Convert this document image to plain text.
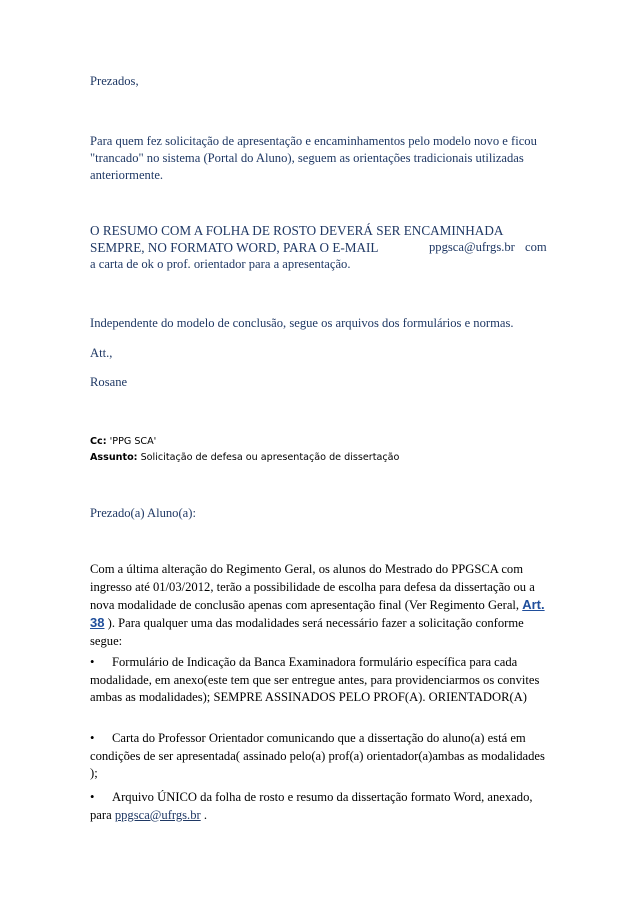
Prezados,

Para quem fez solicitação de apresentação e encaminhamentos pelo modelo novo e ficou "trancado" no sistema (Portal do Aluno), seguem as orientações tradicionais utilizadas anteriormente.

O RESUMO COM A FOLHA DE ROSTO DEVERÁ SER ENCAMINHADA
SEMPRE, NO FORMATO WORD, PARA O E-MAIL	ppgsca@ufrgs.br com
a carta de ok o prof. orientador para a apresentação.

Independente do modelo de conclusão, segue os arquivos dos formulários e normas.

Att.,

Rosane

Cc: 'PPG SCA'
Assunto: Solicitação de defesa ou apresentação de dissertação

Prezado(a) Aluno(a):

Com a última alteração do Regimento Geral, os alunos do Mestrado do PPGSCA com ingresso até 01/03/2012, terão a possibilidade de escolha para defesa da dissertação ou a nova modalidade de conclusão apenas com apresentação final (Ver Regimento Geral, Art. 38 ). Para qualquer uma das modalidades será necessário fazer a solicitação conforme segue:

• Formulário de Indicação da Banca Examinadora formulário específica para cada modalidade, em anexo(este tem que ser entregue antes, para providenciarmos os convites ambas as modalidades); SEMPRE ASSINADOS PELO PROF(A). ORIENTADOR(A)

• Carta do Professor Orientador comunicando que a dissertação do aluno(a) está em condições de ser apresentada( assinado pelo(a) prof(a) orientador(a)ambas as modalidades );

• Arquivo ÚNICO da folha de rosto e resumo da dissertação formato Word, anexado, para ppgsca@ufrgs.br .
